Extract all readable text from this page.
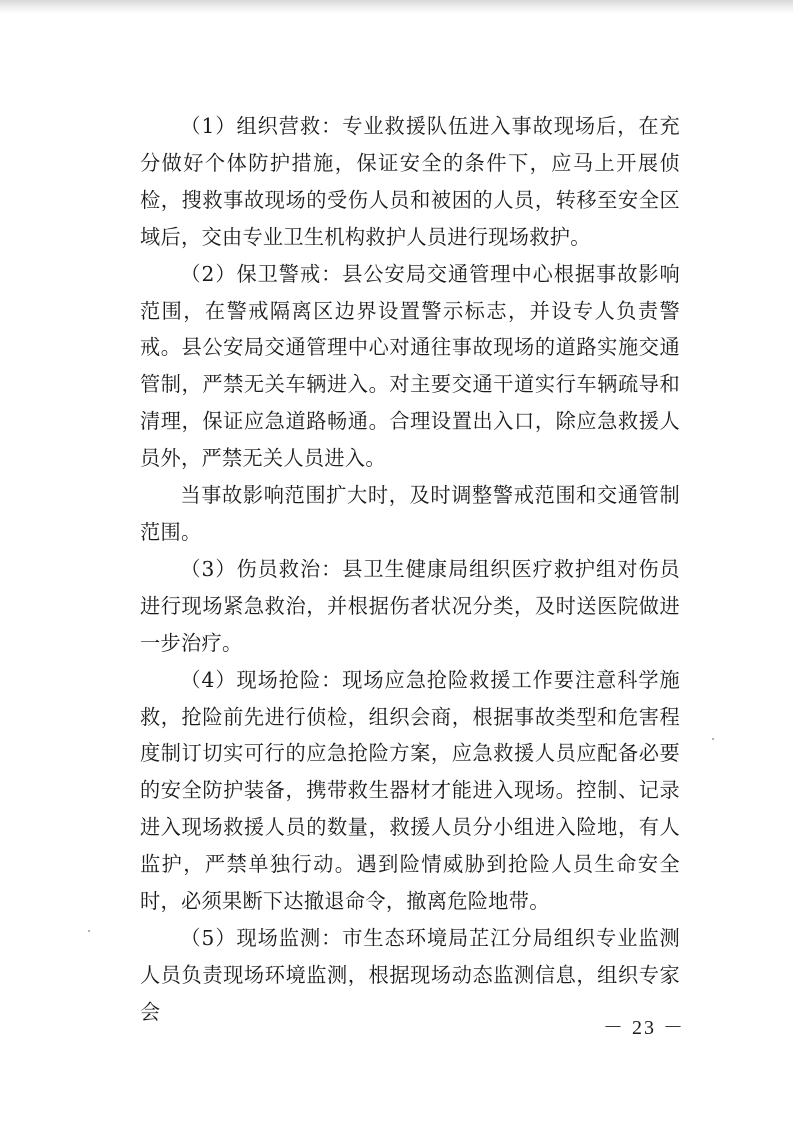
（1）组织营救：专业救援队伍进入事故现场后，在充分做好个体防护措施，保证安全的条件下，应马上开展侦检，搜救事故现场的受伤人员和被困的人员，转移至安全区域后，交由专业卫生机构救护人员进行现场救护。

（2）保卫警戒：县公安局交通管理中心根据事故影响范围，在警戒隔离区边界设置警示标志，并设专人负责警戒。县公安局交通管理中心对通往事故现场的道路实施交通管制，严禁无关车辆进入。对主要交通干道实行车辆疏导和清理，保证应急道路畅通。合理设置出入口，除应急救援人员外，严禁无关人员进入。

当事故影响范围扩大时，及时调整警戒范围和交通管制范围。

（3）伤员救治：县卫生健康局组织医疗救护组对伤员进行现场紧急救治，并根据伤者状况分类，及时送医院做进一步治疗。

（4）现场抢险：现场应急抢险救援工作要注意科学施救，抢险前先进行侦检，组织会商，根据事故类型和危害程度制订切实可行的应急抢险方案，应急救援人员应配备必要的安全防护装备，携带救生器材才能进入现场。控制、记录进入现场救援人员的数量，救援人员分小组进入险地，有人监护，严禁单独行动。遇到险情威胁到抢险人员生命安全时，必须果断下达撤退命令，撤离危险地带。

（5）现场监测：市生态环境局芷江分局组织专业监测人员负责现场环境监测，根据现场动态监测信息，组织专家会

－ 23 －
